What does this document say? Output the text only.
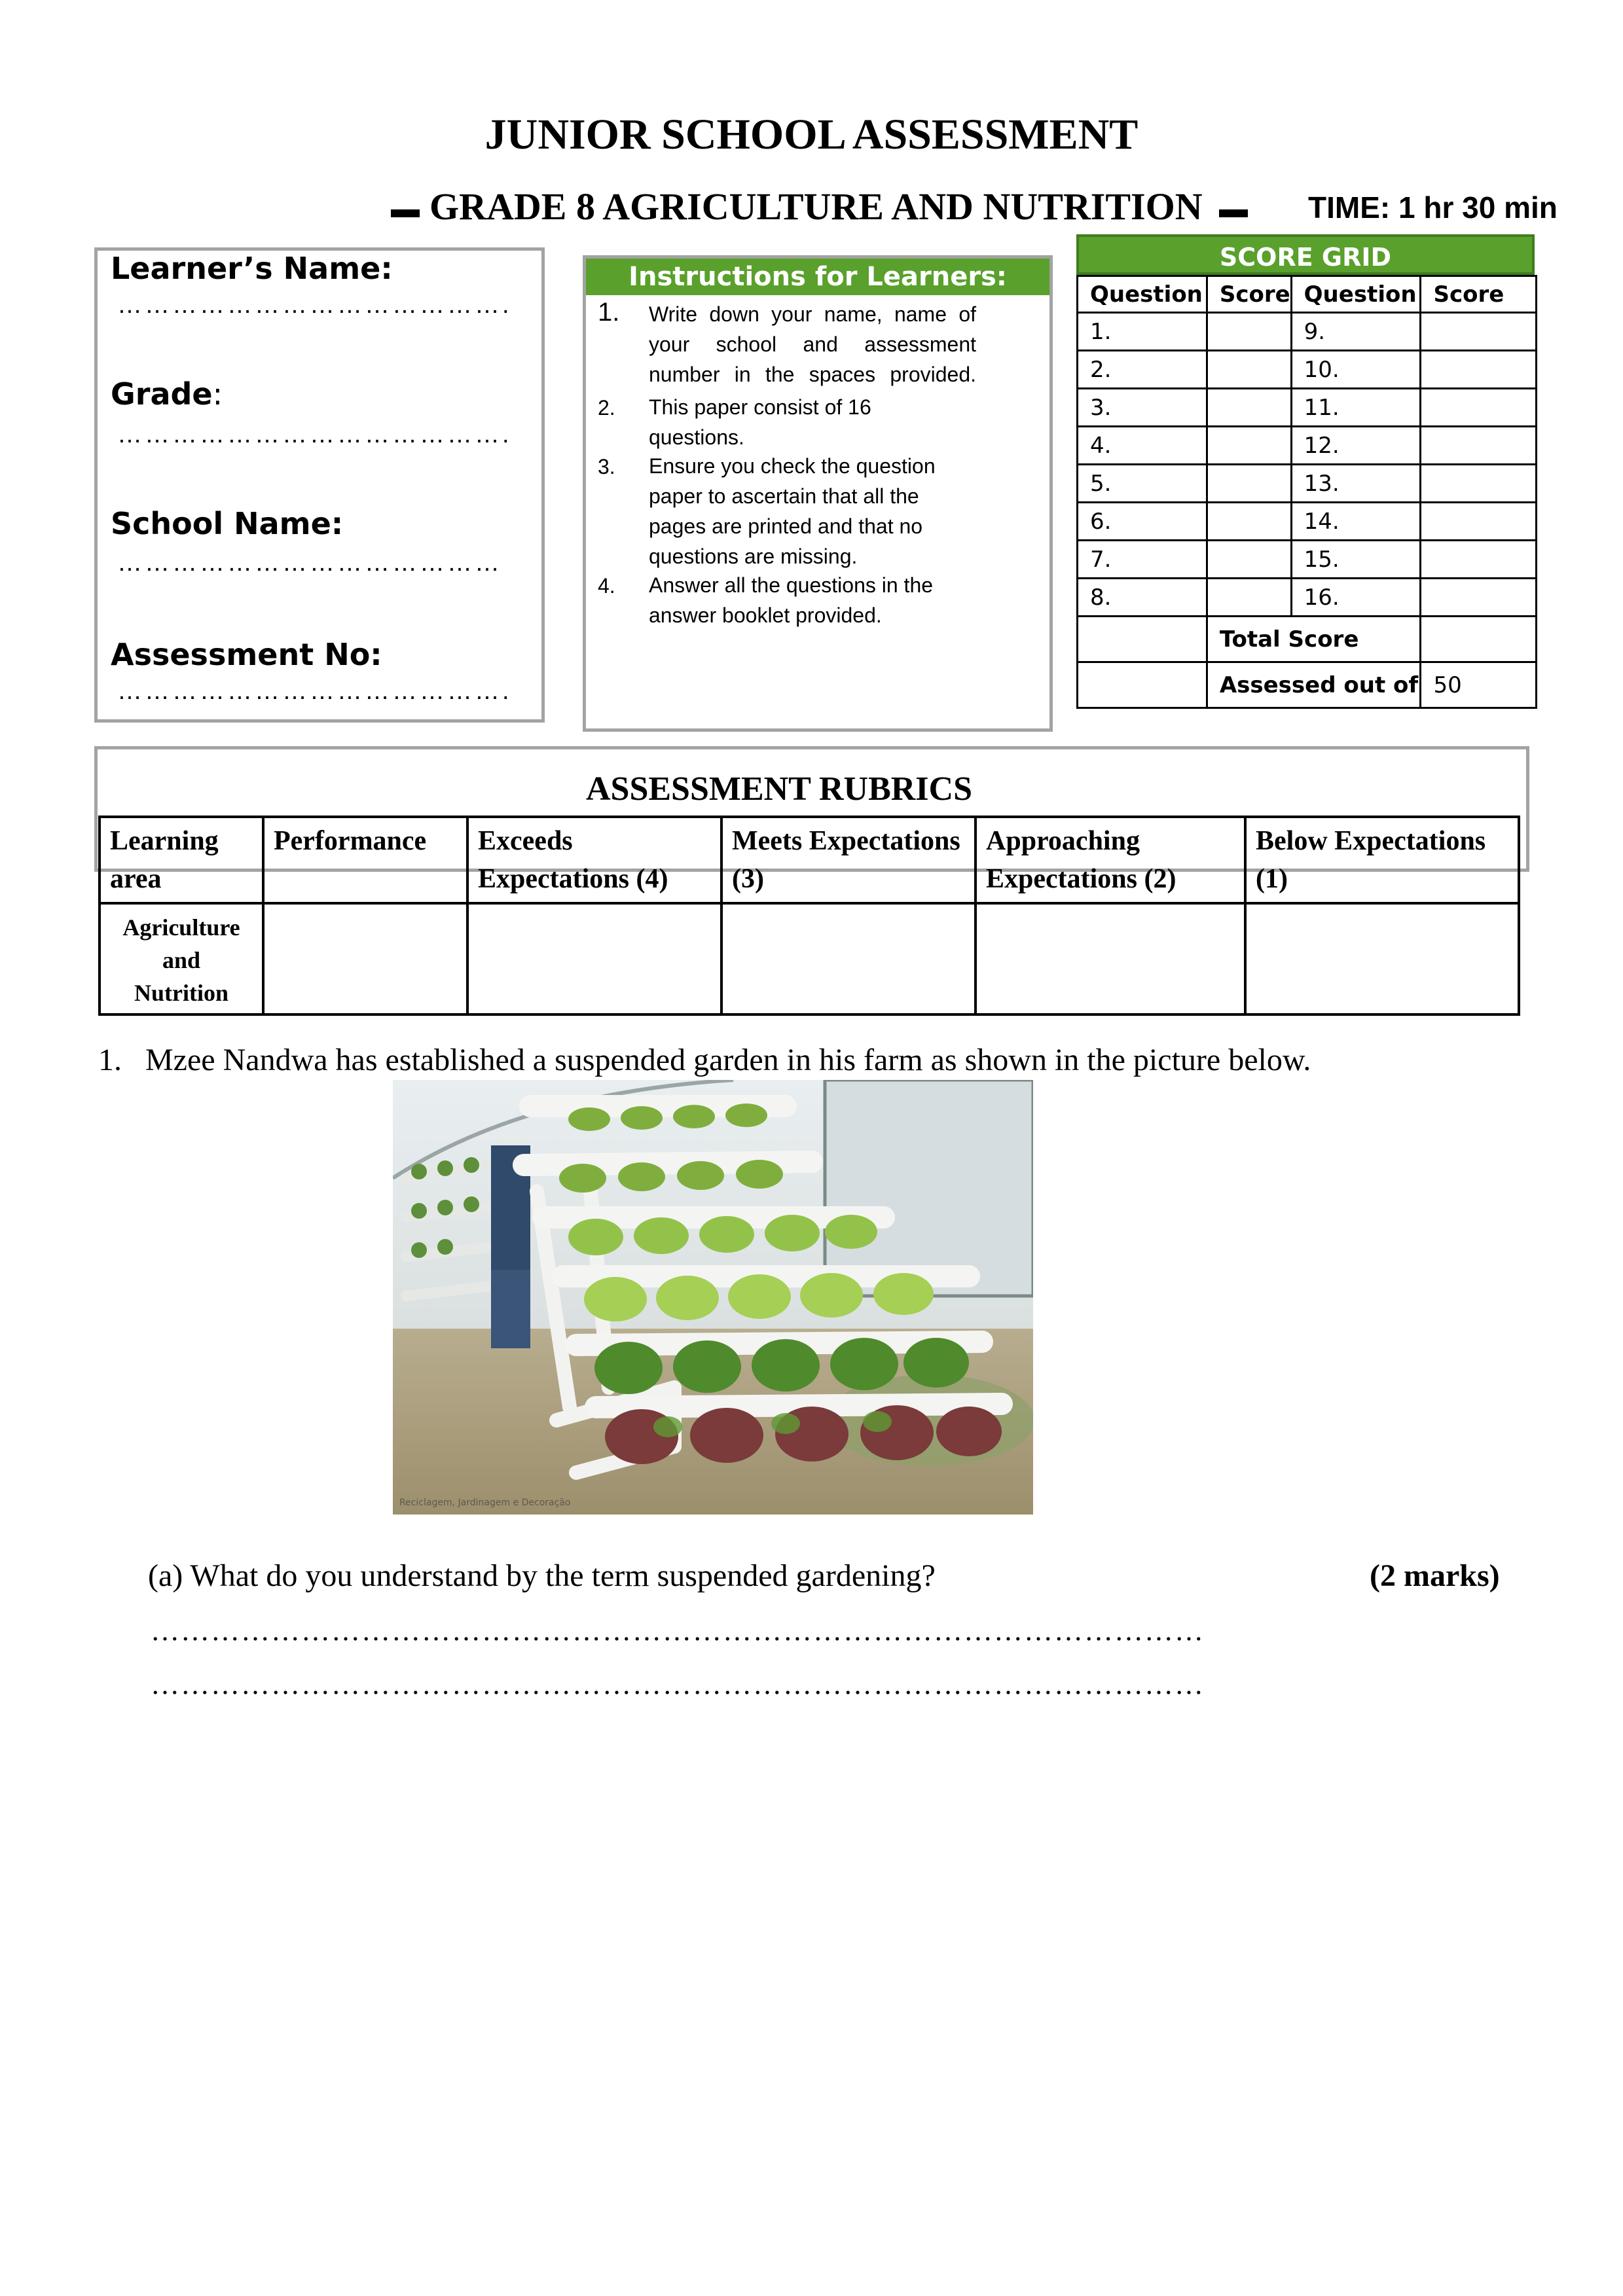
JUNIOR SCHOOL ASSESSMENT
GRADE 8 AGRICULTURE AND NUTRITION	TIME: 1 hr 30 min
Learner’s Name:
…………………………………….
Grade:
…………………………………….
School Name:
……………………………………
Assessment No:
…………………………………….
Instructions for Learners:
1. Write down your name, name of your school and assessment number in the spaces provided.
2. This paper consist of 16 questions.
3. Ensure you check the question paper to ascertain that all the pages are printed and that no questions are missing.
4. Answer all the questions in the answer booklet provided.
SCORE GRID
Question	Score	Question	Score
1.		9.	
2.		10.	
3.		11.	
4.		12.	
5.		13.	
6.		14.	
7.		15.	
8.		16.	
	Total Score		
	Assessed out of		50
ASSESSMENT RUBRICS
Learning area	Performance	Exceeds Expectations (4)	Meets Expectations (3)	Approaching Expectations (2)	Below Expectations (1)

Agriculture
and
Nutrition					

1. Mzee Nandwa has established a suspended garden in his farm as shown in the picture below.
Reciclagem, Jardinagem e Decoração
(a) What do you understand by the term suspended gardening?	(2 marks)
……………………………………………………………………………………………
……………………………………………………………………………………………
